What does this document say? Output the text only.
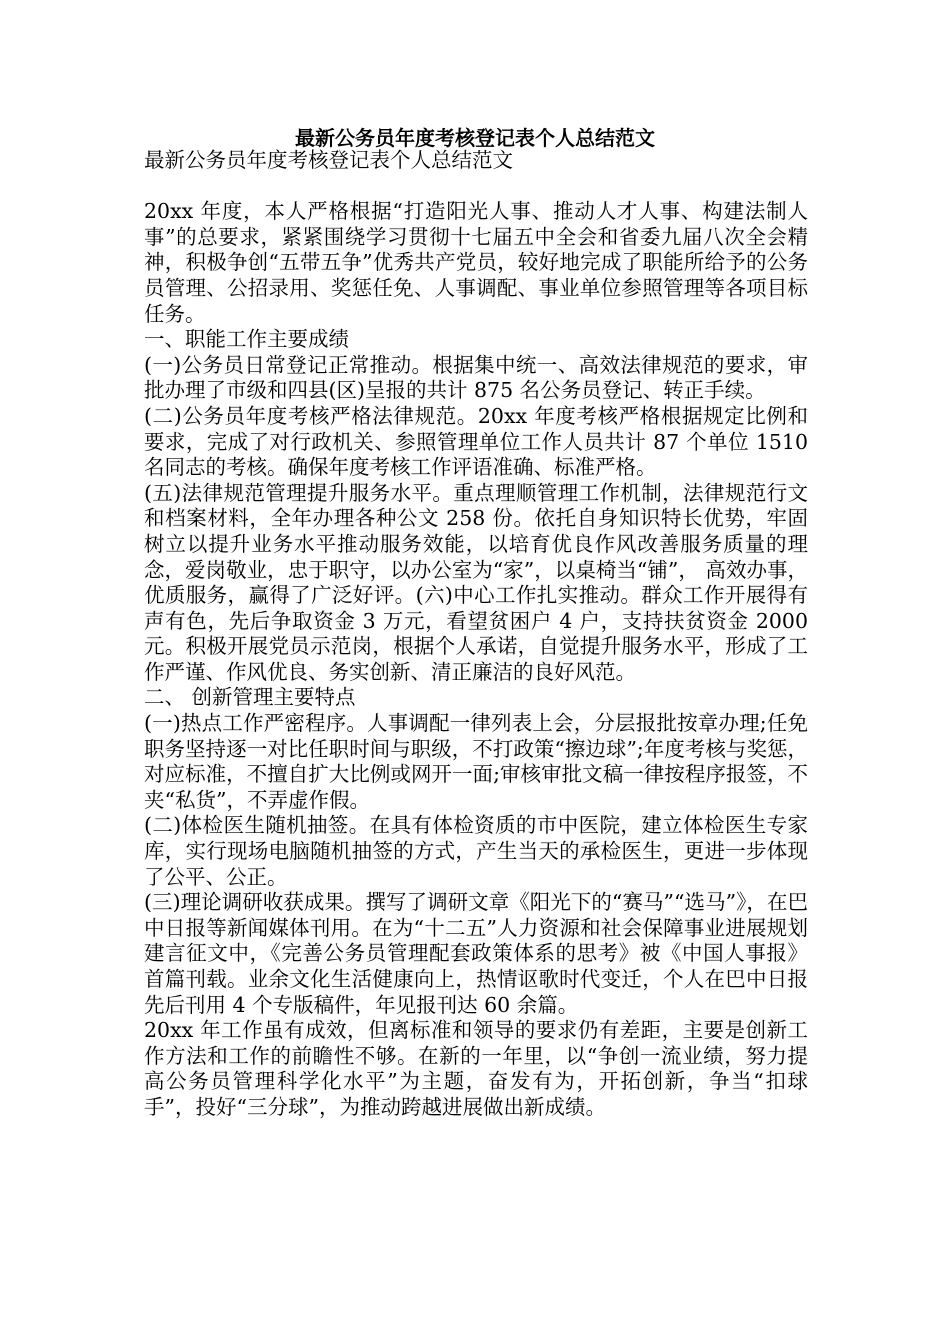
最新公务员年度考核登记表个人总结范文

最新公务员年度考核登记表个人总结范文

20xx 年度，本人严格根据“打造阳光人事、推动人才人事、构建法制人事”的总要求，紧紧围绕学习贯彻十七届五中全会和省委九届八次全会精神，积极争创“五带五争”优秀共产党员，较好地完成了职能所给予的公务员管理、公招录用、奖惩任免、人事调配、事业单位参照管理等各项目标任务。

一、职能工作主要成绩

(一)公务员日常登记正常推动。根据集中统一、高效法律规范的要求，审批办理了市级和四县(区)呈报的共计 875 名公务员登记、转正手续。

(二)公务员年度考核严格法律规范。20xx 年度考核严格根据规定比例和要求，完成了对行政机关、参照管理单位工作人员共计 87 个单位 1510 名同志的考核。确保年度考核工作评语准确、标准严格。

(五)法律规范管理提升服务水平。重点理顺管理工作机制，法律规范行文和档案材料，全年办理各种公文 258 份。依托自身知识特长优势，牢固树立以提升业务水平推动服务效能，以培育优良作风改善服务质量的理念，爱岗敬业，忠于职守，以办公室为“家”，以桌椅当“铺”， 高效办事，优质服务，赢得了广泛好评。(六)中心工作扎实推动。群众工作开展得有声有色，先后争取资金 3 万元，看望贫困户 4 户，支持扶贫资金 2000 元。积极开展党员示范岗，根据个人承诺，自觉提升服务水平，形成了工作严谨、作风优良、务实创新、清正廉洁的良好风范。

二、 创新管理主要特点

(一)热点工作严密程序。人事调配一律列表上会，分层报批按章办理;任免职务坚持逐一对比任职时间与职级，不打政策“擦边球”;年度考核与奖惩，对应标准，不擅自扩大比例或网开一面;审核审批文稿一律按程序报签，不夹“私货”，不弄虚作假。

(二)体检医生随机抽签。在具有体检资质的市中医院，建立体检医生专家库，实行现场电脑随机抽签的方式，产生当天的承检医生，更进一步体现了公平、公正。

(三)理论调研收获成果。撰写了调研文章《阳光下的“赛马”“选马”》，在巴中日报等新闻媒体刊用。在为“十二五”人力资源和社会保障事业进展规划建言征文中，《完善公务员管理配套政策体系的思考》被《中国人事报》首篇刊载。业余文化生活健康向上，热情讴歌时代变迁，个人在巴中日报先后刊用 4 个专版稿件，年见报刊达 60 余篇。

20xx 年工作虽有成效，但离标准和领导的要求仍有差距，主要是创新工作方法和工作的前瞻性不够。在新的一年里，以“争创一流业绩，努力提高公务员管理科学化水平”为主题，奋发有为，开拓创新，争当“扣球手”，投好“三分球”，为推动跨越进展做出新成绩。
